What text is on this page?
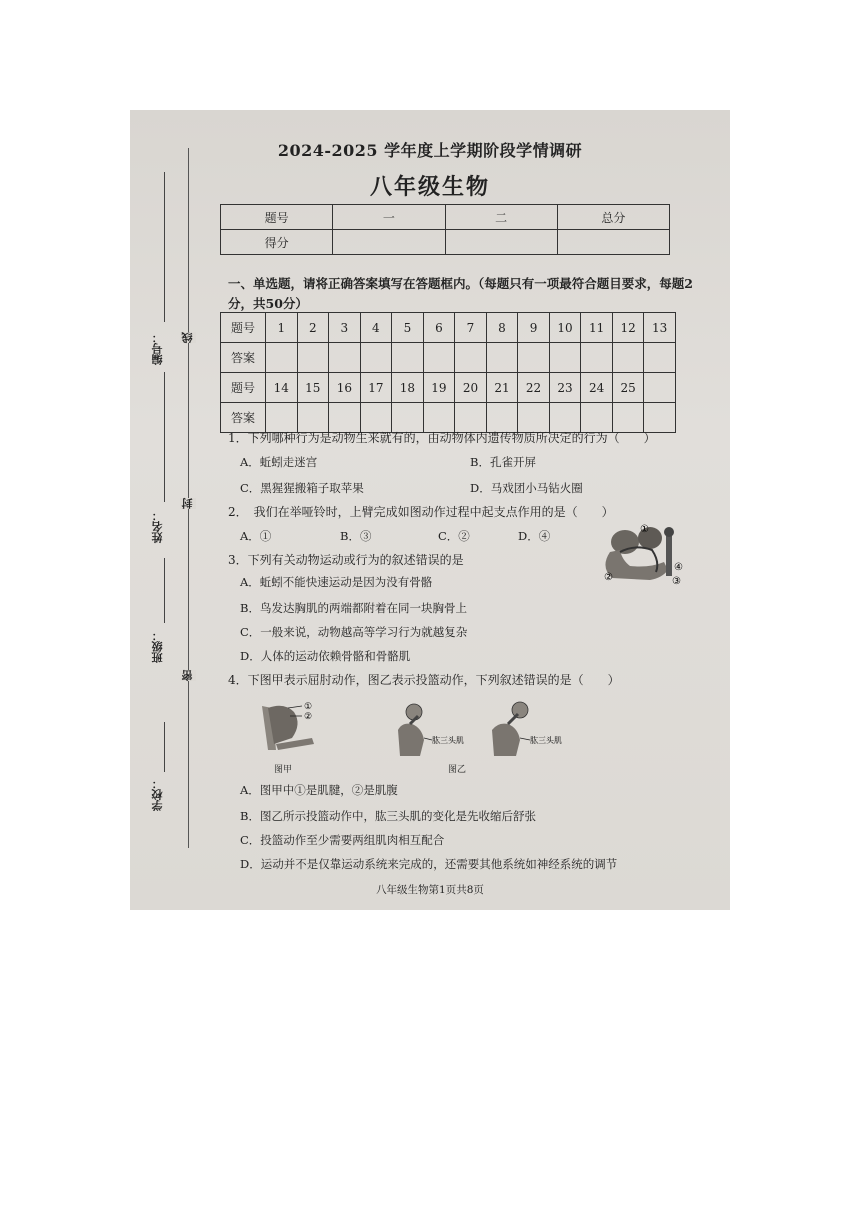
编号：
姓名：
班级：
学校：
线
封
密
2024-2025 学年度上学期阶段学情调研
八年级生物
题号	一	二	总分
得分			
一、单选题，请将正确答案填写在答题框内。（每题只有一项最符合题目要求，每题2分，共50分）
题号	1	2	3	4	5	6	7	8	9	10	11	12	13
答案													
题号	14	15	16	17	18	19	20	21	22	23	24	25	
答案													
1．下列哪种行为是动物生来就有的，由动物体内遗传物质所决定的行为（　　）
A．蚯蚓走迷宫	B．孔雀开屏
C．黑猩猩搬箱子取苹果	D．马戏团小马钻火圈
2．　我们在举哑铃时，上臂完成如图动作过程中起支点作用的是（　　）
A．①	B．③	C．②	D．④	①
②	③
④
3．下列有关动物运动或行为的叙述错误的是
A．蚯蚓不能快速运动是因为没有骨骼
B．鸟发达胸肌的两端都附着在同一块胸骨上
C．一般来说，动物越高等学习行为就越复杂
D．人体的运动依赖骨骼和骨骼肌
4．下图甲表示屈肘动作，图乙表示投篮动作，下列叙述错误的是（　　）
①
②
图甲
肱三头肌	肱三头肌
图乙
A．图甲中①是肌腱，②是肌腹
B．图乙所示投篮动作中，肱三头肌的变化是先收缩后舒张
C．投篮动作至少需要两组肌肉相互配合
D．运动并不是仅靠运动系统来完成的，还需要其他系统如神经系统的调节
八年级生物第1页共8页
